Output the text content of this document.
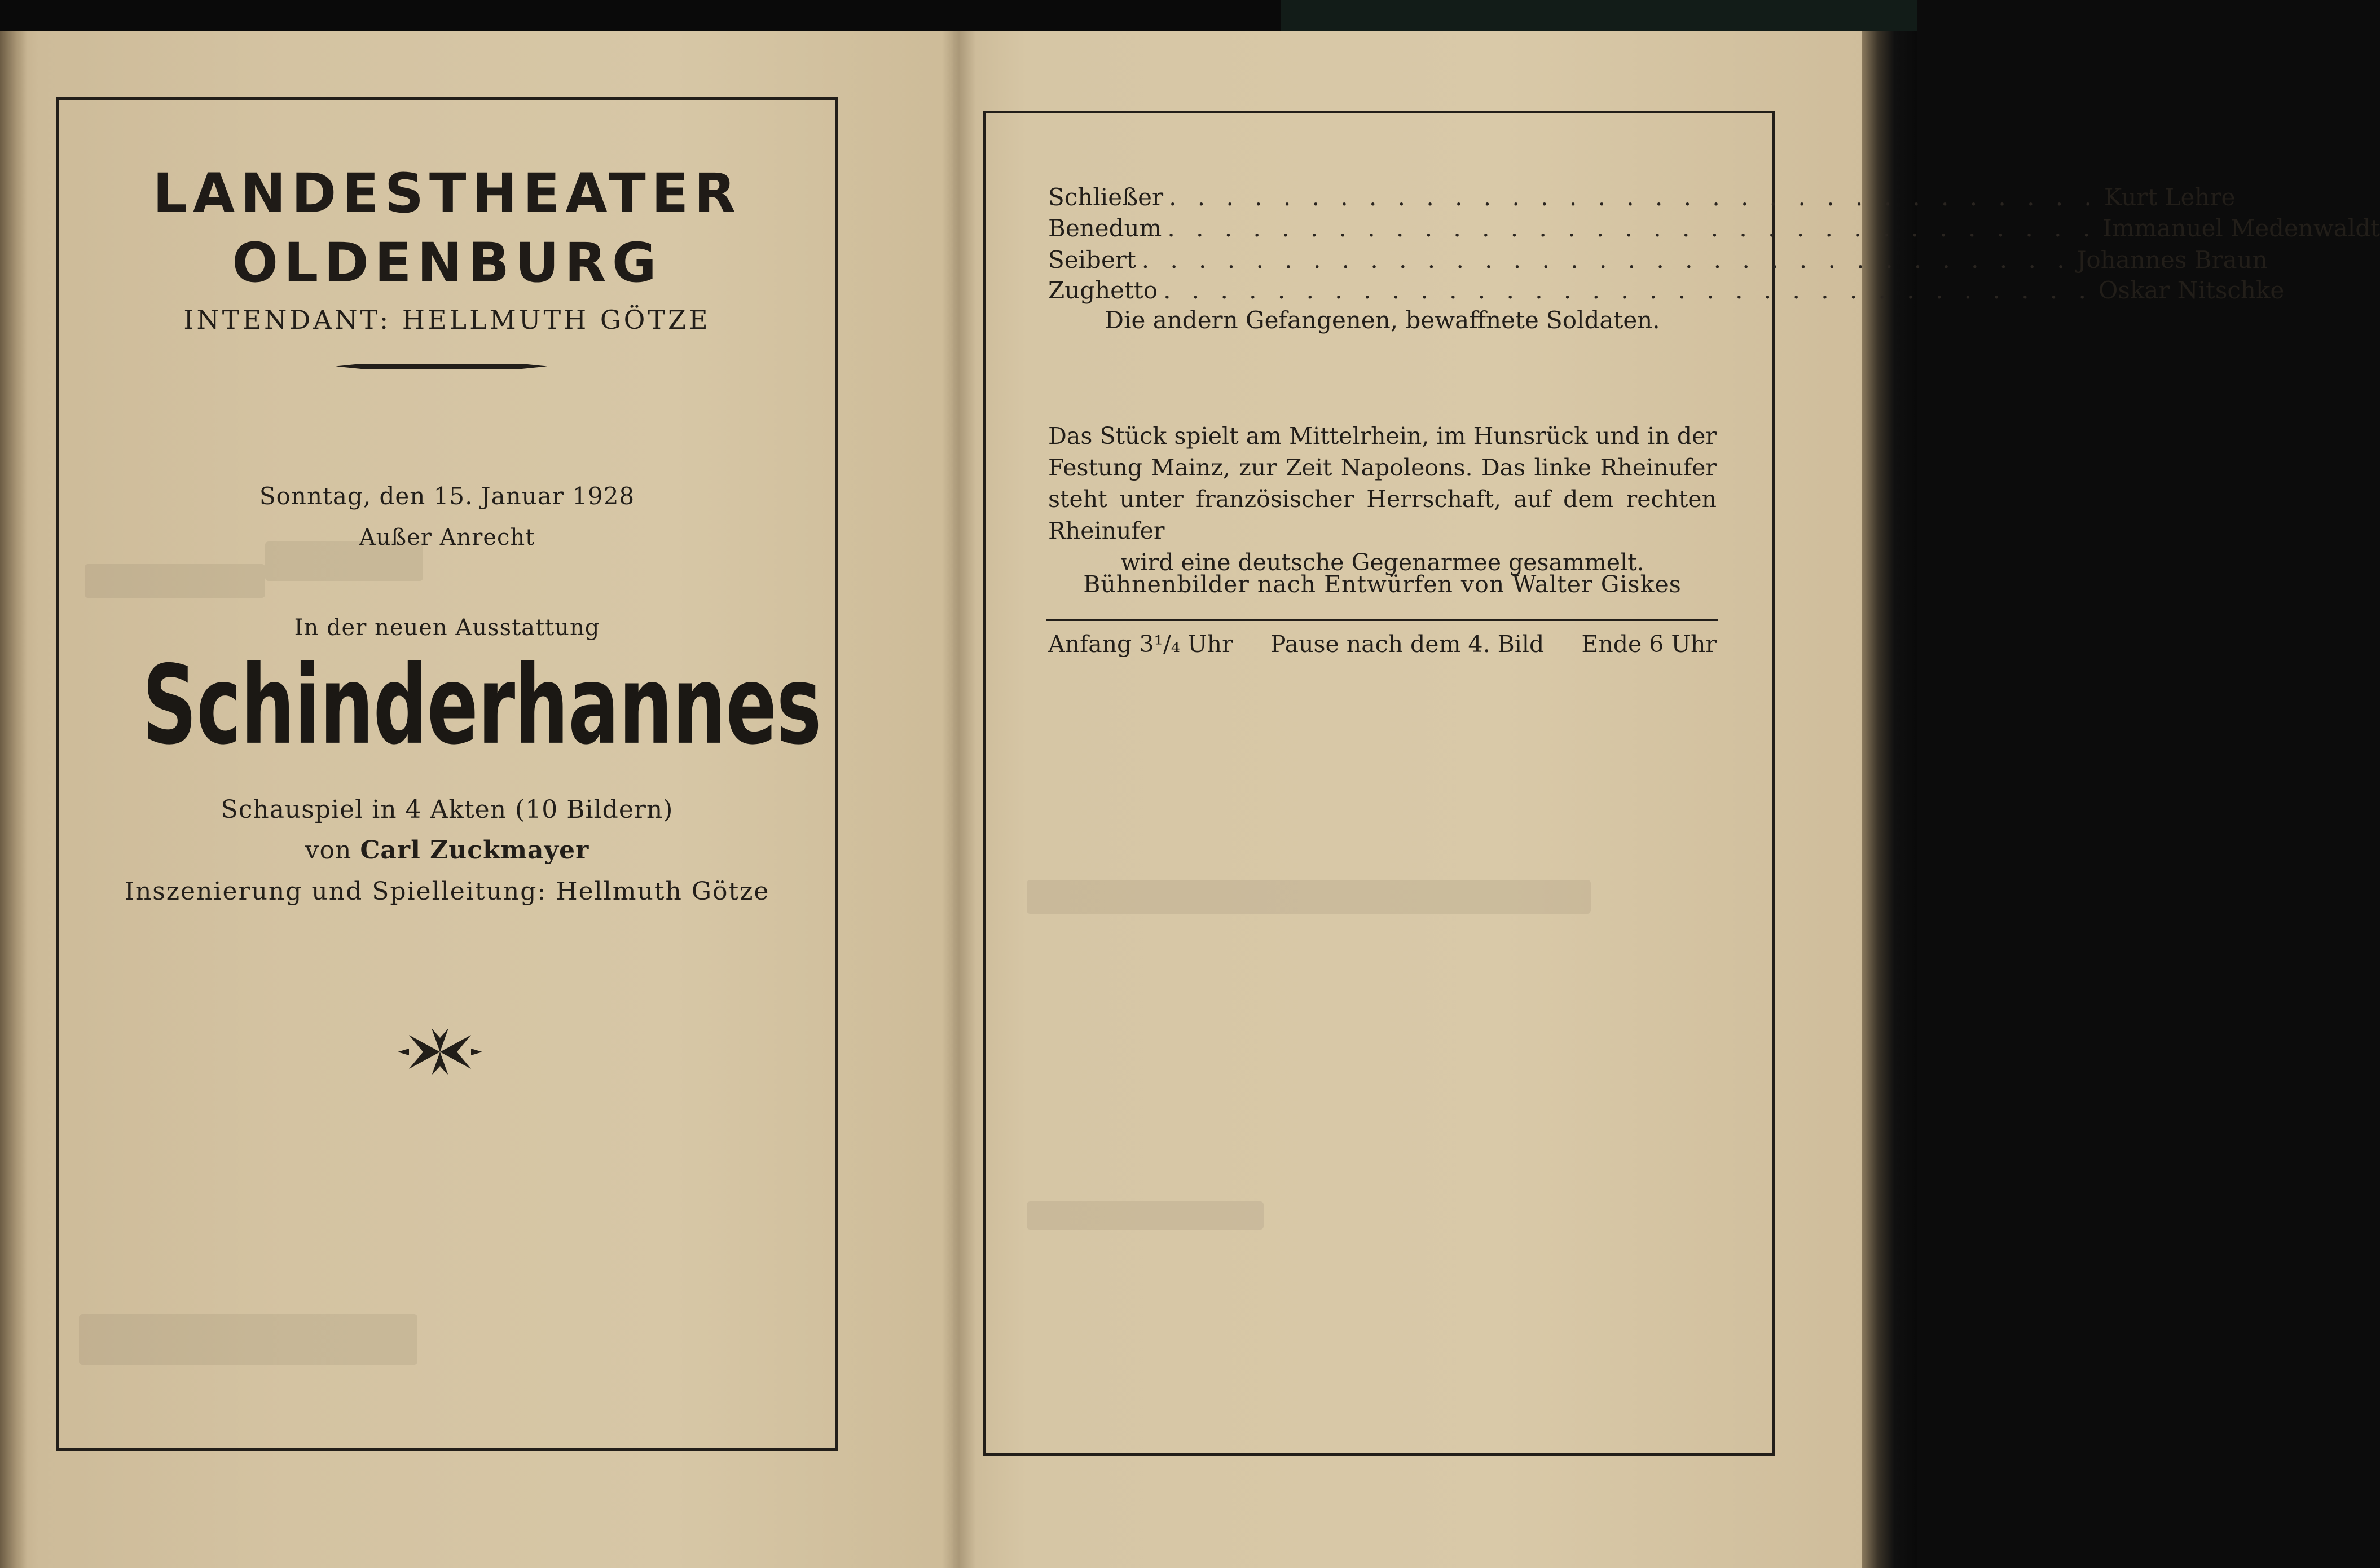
LANDESTHEATER
OLDENBURG
INTENDANT: HELLMUTH GÖTZE
Sonntag, den 15. Januar 1928
Außer Anrecht
In der neuen Ausstattung
Schinderhannes
Schauspiel in 4 Akten (10 Bildern)
von Carl Zuckmayer
Inszenierung und Spielleitung: Hellmuth Götze
Schließer . . . . . . . . . . . . . . . . . . . . . . . . . . . . . . . . . Kurt Lehre
Benedum . . . . . . . . . . . . . . . . . . . . . . . . . . . . . . . . . Immanuel Medenwaldt
Seibert . . . . . . . . . . . . . . . . . . . . . . . . . . . . . . . . . Johannes Braun
Zughetto . . . . . . . . . . . . . . . . . . . . . . . . . . . . . . . . . Oskar Nitschke
Die andern Gefangenen, bewaffnete Soldaten.
Das Stück spielt am Mittelrhein, im Hunsrück und in der
Festung Mainz, zur Zeit Napoleons. Das linke Rheinufer
steht unter französischer Herrschaft, auf dem rechten Rheinufer
wird eine deutsche Gegenarmee gesammelt.
Bühnenbilder nach Entwürfen von Walter Giskes
Anfang 3¹/₄ Uhr Pause nach dem 4. Bild Ende 6 Uhr
